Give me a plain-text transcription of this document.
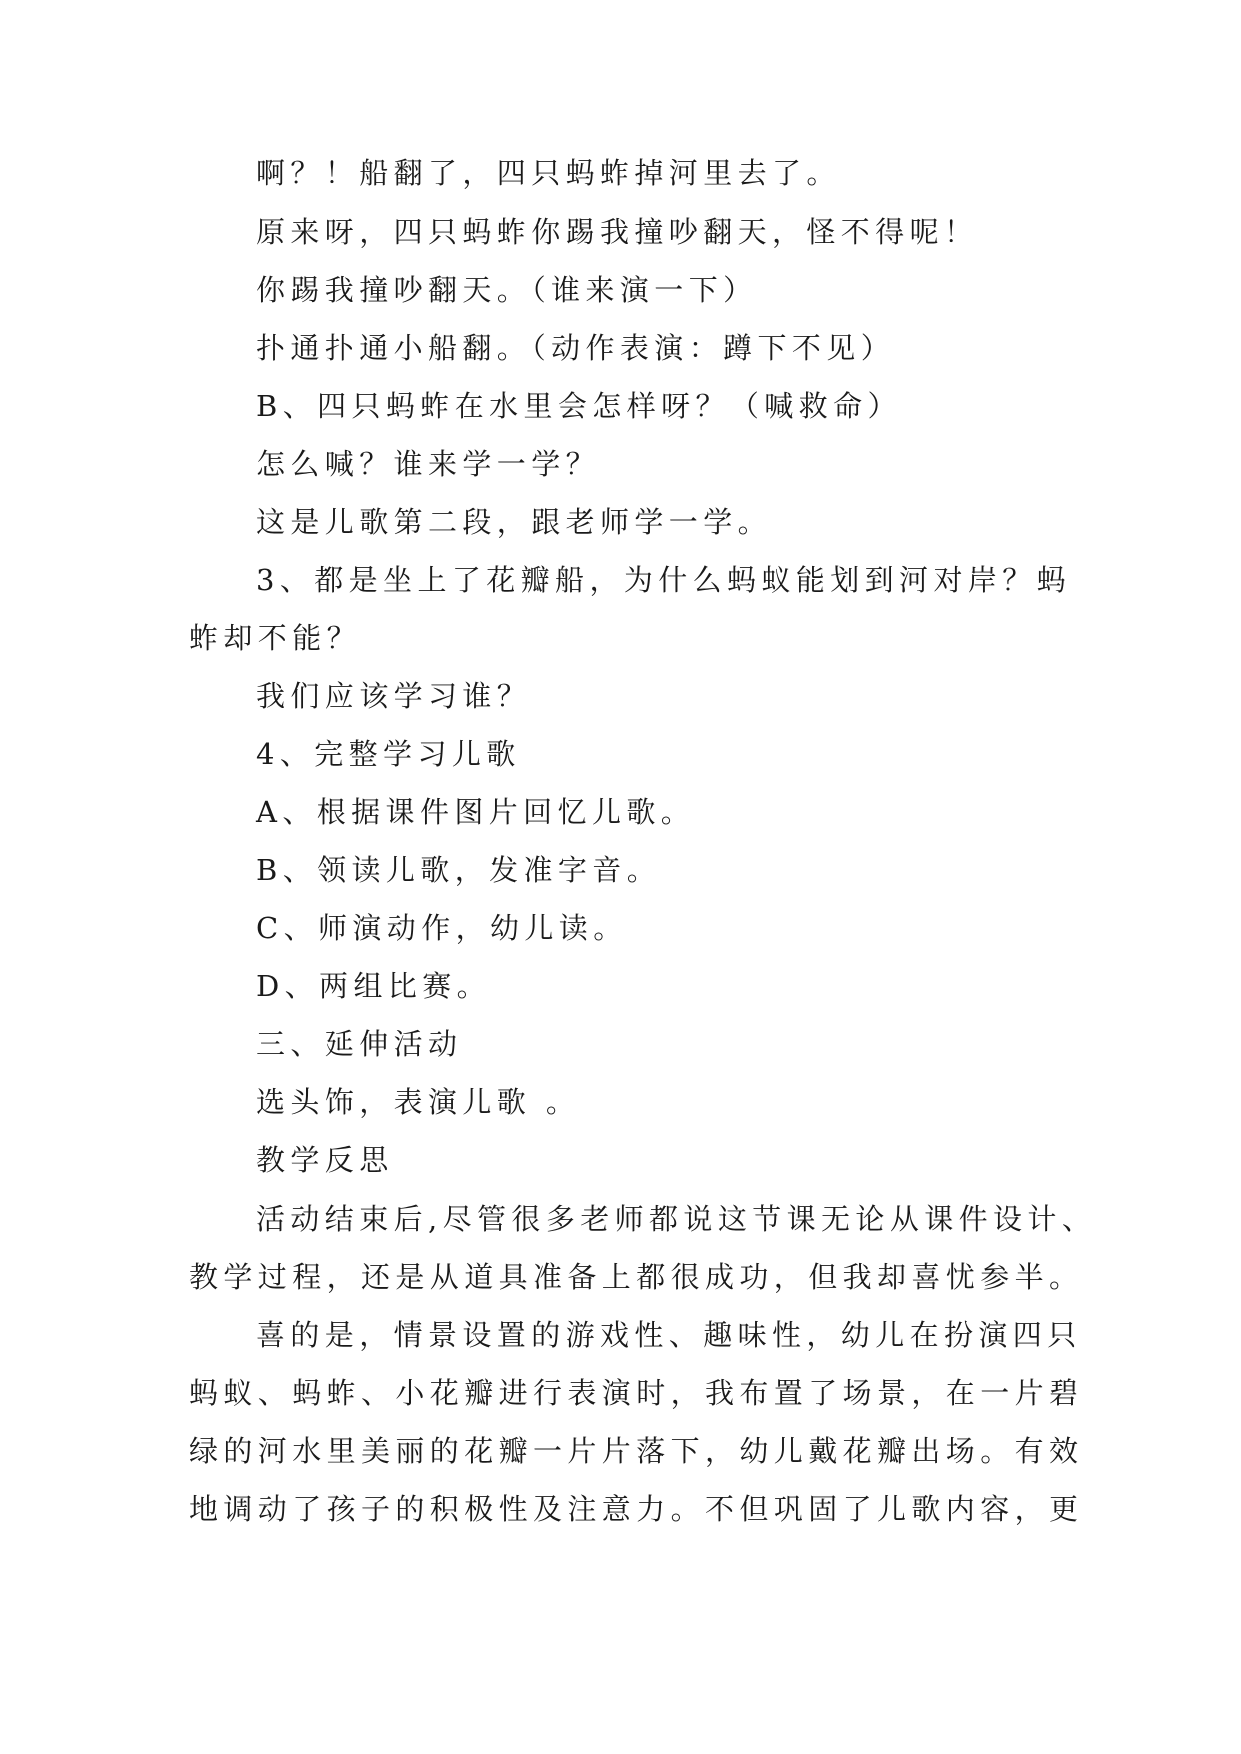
啊？！船翻了，四只蚂蚱掉河里去了。

原来呀，四只蚂蚱你踢我撞吵翻天，怪不得呢！

你踢我撞吵翻天。（谁来演一下）

扑通扑通小船翻。（动作表演：蹲下不见）

B、四只蚂蚱在水里会怎样呀？（喊救命）

怎么喊？谁来学一学？

这是儿歌第二段，跟老师学一学。

3、都是坐上了花瓣船，为什么蚂蚁能划到河对岸？蚂

蚱却不能？

我们应该学习谁？

4、完整学习儿歌

A、根据课件图片回忆儿歌。

B、领读儿歌，发准字音。

C、师演动作，幼儿读。

D、两组比赛。

三、延伸活动

选头饰，表演儿歌 。

教学反思

活动结束后,尽管很多老师都说这节课无论从课件设计、

教学过程，还是从道具准备上都很成功，但我却喜忧参半。

喜的是，情景设置的游戏性、趣味性，幼儿在扮演四只

蚂蚁、蚂蚱、小花瓣进行表演时，我布置了场景，在一片碧

绿的河水里美丽的花瓣一片片落下，幼儿戴花瓣出场。有效

地调动了孩子的积极性及注意力。不但巩固了儿歌内容，更
